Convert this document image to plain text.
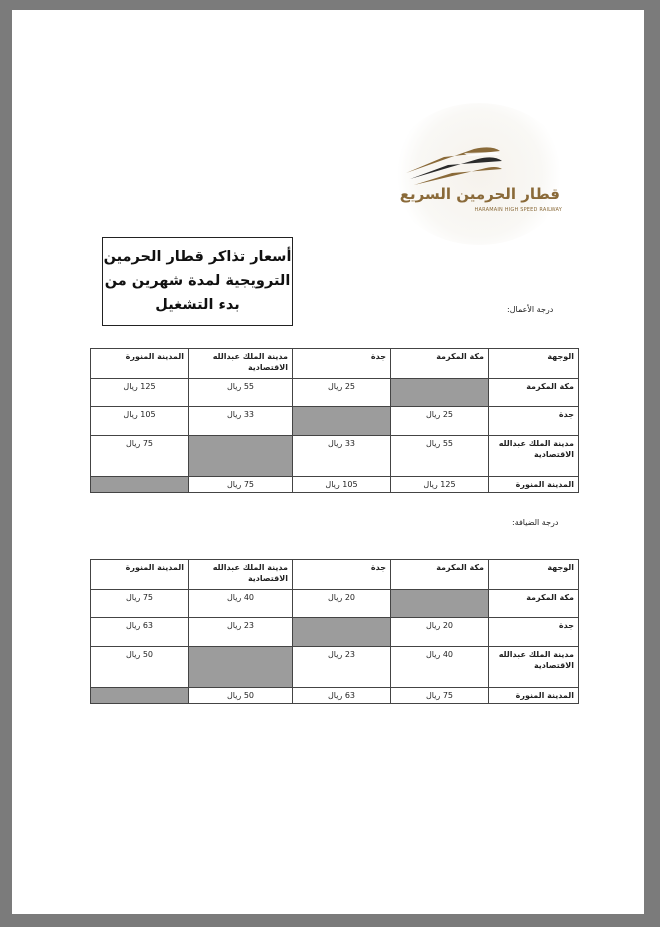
قطار الحرمين السريع
HARAMAIN HIGH SPEED RAILWAY
أسعار تذاكر قطار الحرمين
الترويجية لمدة شهرين من
بدء التشغيل	درجة الأعمال:
الوجهة	مكة المكرمة	جدة	مدينة الملك عبدالله الاقتصادية	المدينة المنورة
مكة المكرمة		25 ريال	55 ريال	125 ريال
جدة	25 ريال		33 ريال	105 ريال
مدينة الملك عبدالله الاقتصادية	55 ريال	33 ريال		75 ريال
المدينة المنورة	125 ريال	105 ريال	75 ريال	
درجة الضيافة:
الوجهة	مكة المكرمة	جدة	مدينة الملك عبدالله الاقتصادية	المدينة المنورة
مكة المكرمة		20 ريال	40 ريال	75 ريال
جدة	20 ريال		23 ريال	63 ريال
مدينة الملك عبدالله الاقتصادية	40 ريال	23 ريال		50 ريال
المدينة المنورة	75 ريال	63 ريال	50 ريال	
